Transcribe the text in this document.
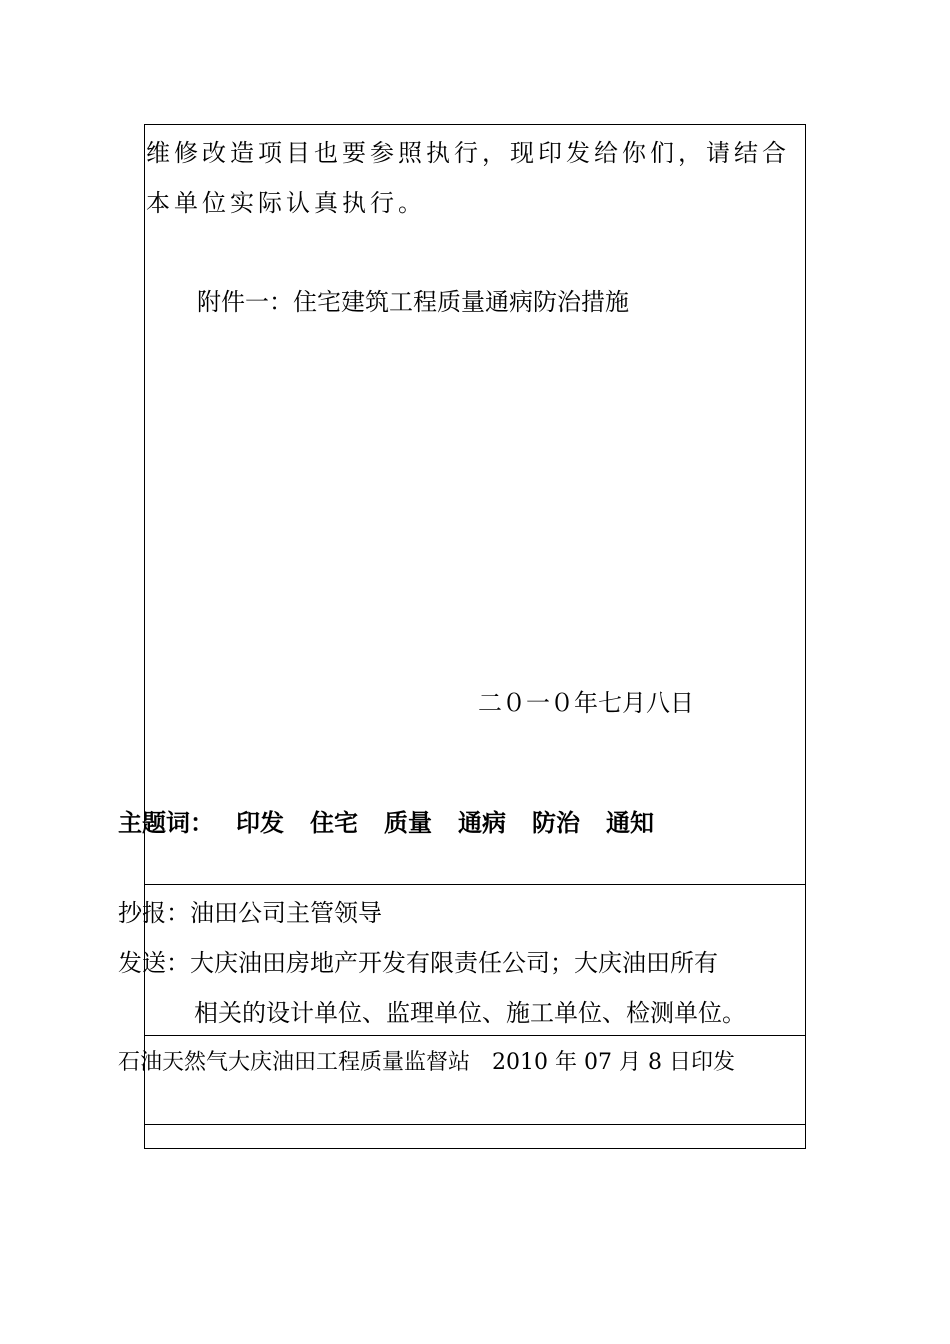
维修改造项目也要参照执行，现印发给你们，请结合
本单位实际认真执行。
附件一：住宅建筑工程质量通病防治措施
二０一０年七月八日
主题词： 印发 住宅 质量 通病 防治 通知
抄报：油田公司主管领导
发送：大庆油田房地产开发有限责任公司；大庆油田所有
相关的设计单位、监理单位、施工单位、检测单位。
石油天然气大庆油田工程质量监督站　2010 年 07 月 8 日印发
